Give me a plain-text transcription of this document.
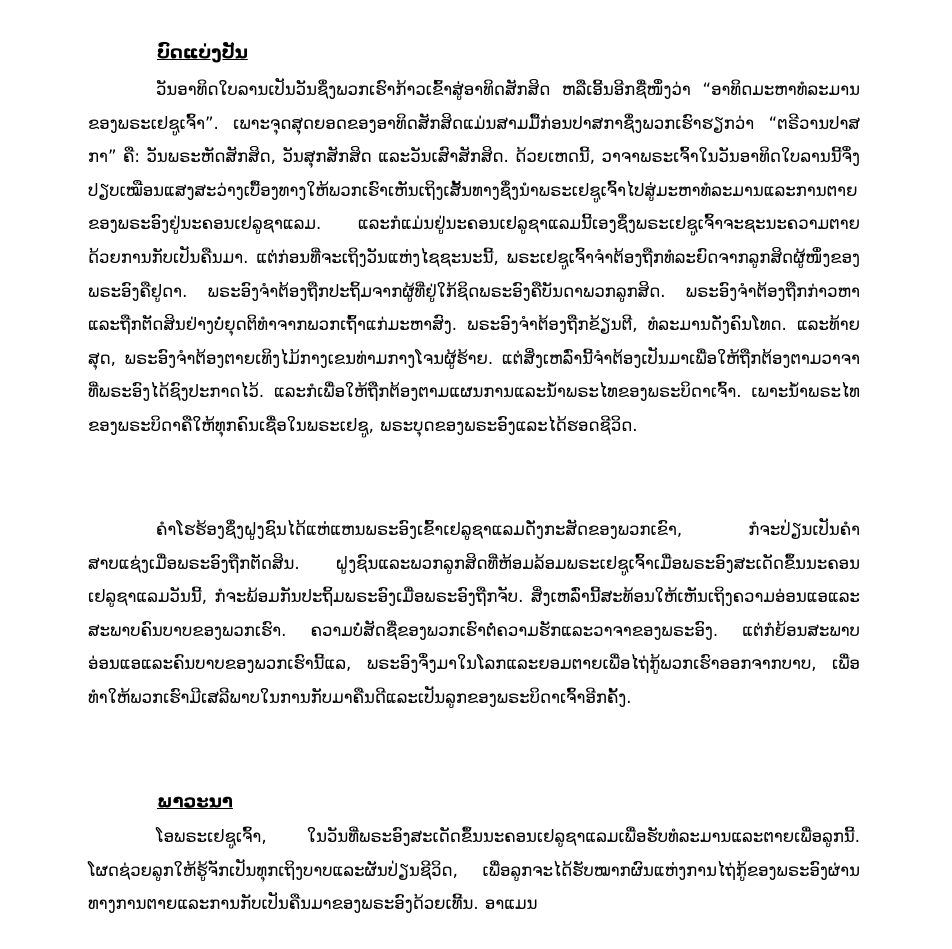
ບົດແບ່ງປັນ

ວັນອາທິດໃບລານເປັນວັນຊຶ່ງພວກເຮົາກ້າວເຂົ້າສູ່ອາທິດສັກສິດ ຫລືເອີ້ນອີກຊື່ໜຶ່ງວ່າ “ອາທິດມະຫາທໍລະມານຂອງພຣະເຢຊູເຈົ້າ”. ເພາະຈຸດສຸດຍອດຂອງອາທິດສັກສິດແມ່ນສາມມື້ກ່ອນປາສກາຊຶ່ງພວກເຮົາຮຽກວ່າ “ຕຣີວານປາສກາ” ຄື: ວັນພຣະຫັດສັກສິດ, ວັນສຸກສັກສິດ ແລະວັນເສົາສັກສິດ. ດ້ວຍເຫດນີ້, ວາຈາພຣະເຈົ້າໃນວັນອາທິດໃບລານນີ້ຈຶ່ງປຽບເໝືອນແສງສະວ່າງເບື້ອງທາງໃຫ້ພວກເຮົາເຫັນເຖິງເສັ້ນທາງຊຶ່ງນຳພຣະເຢຊູເຈົ້າໄປສູ່ມະຫາທໍລະມານແລະການຕາຍຂອງພຣະອົງຢູ່ນະຄອນເຢລູຊາແລມ. ແລະກໍແມ່ນຢູ່ນະຄອນເຢລູຊາແລມນີ້ເອງຊຶ່ງພຣະເຢຊູເຈົ້າຈະຊະນະຄວາມຕາຍດ້ວຍການກັບເປັນຄືນມາ. ແຕ່ກ່ອນທີ່ຈະເຖິງວັນແຫ່ງໄຊຊະນະນີ້, ພຣະເຢຊູເຈົ້າຈຳຕ້ອງຖືກທໍລະຍົດຈາກລູກສິດຜູ້ໜຶ່ງຂອງພຣະອົງຄືຢູດາ. ພຣະອົງຈຳຕ້ອງຖືກປະຖິ້ມຈາກຜູ້ທີ່ຢູ່ໃກ້ຊິດພຣະອົງຄືບັນດາພວກລູກສິດ. ພຣະອົງຈຳຕ້ອງຖືກກ່າວຫາແລະຖືກຕັດສິນຢ່າງບໍ່ຍຸດຕິທຳຈາກພວກເຖົ້າແກ່ມະຫາສົງ. ພຣະອົງຈຳຕ້ອງຖືກຂ້ຽນຕີ, ທໍລະມານດັ່ງຄົນໂທດ. ແລະທ້າຍສຸດ, ພຣະອົງຈຳຕ້ອງຕາຍເທິງໄມ້ກາງເຂນທ່າມກາງໂຈນຜູ້ຮ້າຍ. ແຕ່ສິ່ງເຫລົ່ານີ້ຈຳຕ້ອງເປັນມາເພື່ອໃຫ້ຖືກຕ້ອງຕາມວາຈາທີ່ພຣະອົງໄດ້ຊົງປະກາດໄວ້. ແລະກໍເພື່ອໃຫ້ຖືກຕ້ອງຕາມແຜນການແລະນ້ຳພຣະໄທຂອງພຣະບິດາເຈົ້າ. ເພາະນ້ຳພຣະໄທຂອງພຣະບິດາຄືໃຫ້ທຸກຄົນເຊື່ອໃນພຣະເຢຊູ, ພຣະບຸດຂອງພຣະອົງແລະໄດ້ຮອດຊີວິດ.

ຄຳໂຮຮ້ອງຊຶ່ງຝູງຊົນໄດ້ແຫ່ແຫນພຣະອົງເຂົ້າເຢລູຊາແລມດັ່ງກະສັດຂອງພວກເຂົາ, ກໍຈະປ່ຽນເປັນຄຳສາບແຊ່ງເມື່ອພຣະອົງຖືກຕັດສິນ. ຝູງຊົນແລະພວກລູກສິດທີ່ຫ້ອມລ້ອມພຣະເຢຊູເຈົ້າເມື່ອພຣະອົງສະເດັດຂຶ້ນນະຄອນເຢລູຊາແລມວັນນີ້, ກໍຈະພ້ອມກັນປະຖິ້ມພຣະອົງເມື່ອພຣະອົງຖືກຈັບ. ສິ່ງເຫລົ່ານີ້ສະທ້ອນໃຫ້ເຫັນເຖິງຄວາມອ່ອນແອແລະສະພາບຄົນບາບຂອງພວກເຮົາ. ຄວາມບໍ່ສັດຊື່ຂອງພວກເຮົາຕໍ່ຄວາມຮັກແລະວາຈາຂອງພຣະອົງ. ແຕ່ກໍຍ້ອນສະພາບອ່ອນແອແລະຄົນບາບຂອງພວກເຮົານີ້ແລ, ພຣະອົງຈຶ່ງມາໃນໂລກແລະຍອມຕາຍເພື່ອໄຖ່ກູ້ພວກເຮົາອອກຈາກບາບ, ເພື່ອທຳໃຫ້ພວກເຮົາມີເສລີພາບໃນການກັບມາຄືນດີແລະເປັນລູກຂອງພຣະບິດາເຈົ້າອີກຄັ້ງ.

ພາວະນາ

ໂອພຣະເຢຊູເຈົ້າ, ໃນວັນທີ່ພຣະອົງສະເດັດຂຶ້ນນະຄອນເຢລູຊາແລມເພື່ອຮັບທໍລະມານແລະຕາຍເພື່ອລູກນີ້. ໂຜດຊ່ວຍລູກໃຫ້ຮູ້ຈັກເປັນທຸກເຖິງບາບແລະຜັນປ່ຽນຊີວິດ, ເພື່ອລູກຈະໄດ້ຮັບໝາກຜົນແຫ່ງການໄຖ່ກູ້ຂອງພຣະອົງຜ່ານທາງການຕາຍແລະການກັບເປັນຄືນມາຂອງພຣະອົງດ້ວຍເທີ້ນ. ອາແມນ
